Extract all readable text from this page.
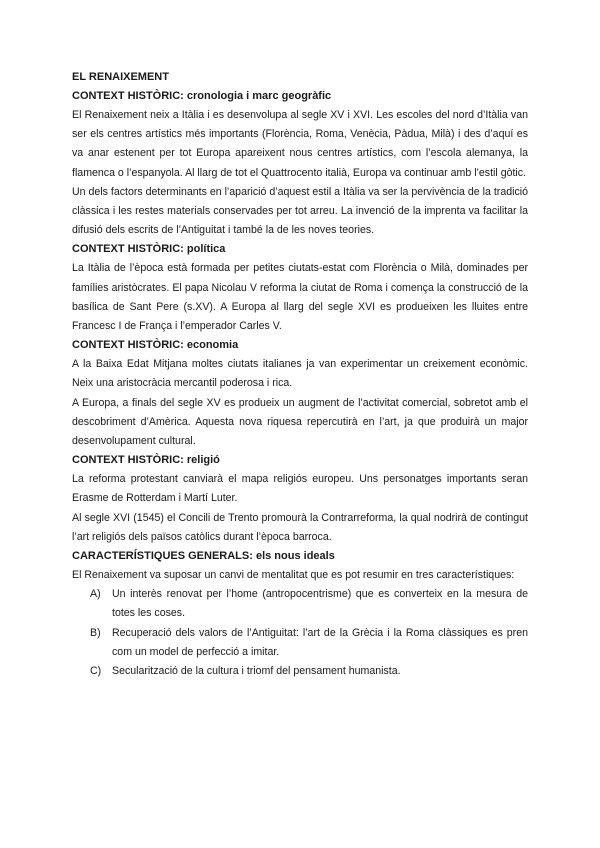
EL RENAIXEMENT

CONTEXT HISTÒRIC: cronologia i marc geogràfic

El Renaixement neix a Itàlia i es desenvolupa al segle XV i XVI. Les escoles del nord d’Itàlia van ser els centres artístics més importants (Florència, Roma, Venècia, Pàdua, Milà) i des d’aquí es va anar estenent per tot Europa apareixent nous centres artístics, com l’escola alemanya, la flamenca o l’espanyola. Al llarg de tot el Quattrocento italià, Europa va continuar amb l’estil gòtic.

Un dels factors determinants en l’aparició d’aquest estil a Itàlia va ser la pervivència de la tradició clàssica i les restes materials conservades per tot arreu. La invenció de la imprenta va facilitar la difusió dels escrits de l’Antiguitat i també la de les noves teories.

CONTEXT HISTÒRIC: política

La Itàlia de l’època està formada per petites ciutats-estat com Florència o Milà, dominades per famílies aristòcrates. El papa Nicolau V reforma la ciutat de Roma i comença la construcció de la basílica de Sant Pere (s.XV). A Europa al llarg del segle XVI es produeixen les lluites entre Francesc I de França i l’emperador Carles V.

CONTEXT HISTÒRIC: economia

A la Baixa Edat Mitjana moltes ciutats italianes ja van experimentar un creixement econòmic. Neix una aristocràcia mercantil poderosa i rica.

A Europa, a finals del segle XV es produeix un augment de l’activitat comercial, sobretot amb el descobriment d’Amèrica. Aquesta nova riquesa repercutirà en l’art, ja que produirà un major desenvolupament cultural.

CONTEXT HISTÒRIC: religió

La reforma protestant canviarà el mapa religiós europeu. Uns personatges importants seran Erasme de Rotterdam i Martí Luter.

Al segle XVI (1545) el Concili de Trento promourà la Contrarreforma, la qual nodrirà de contingut l’art religiós dels països catòlics durant l’època barroca.

CARACTERÍSTIQUES GENERALS: els nous ideals

El Renaixement va suposar un canvi de mentalitat que es pot resumir en tres característiques:

A)	Un interès renovat per l’home (antropocentrisme) que es converteix en la mesura de totes les coses.
B)	Recuperació dels valors de l’Antiguitat: l’art de la Grècia i la Roma clàssiques es pren com un model de perfecció a imitar.
C)	Secularització de la cultura i triomf del pensament humanista.
